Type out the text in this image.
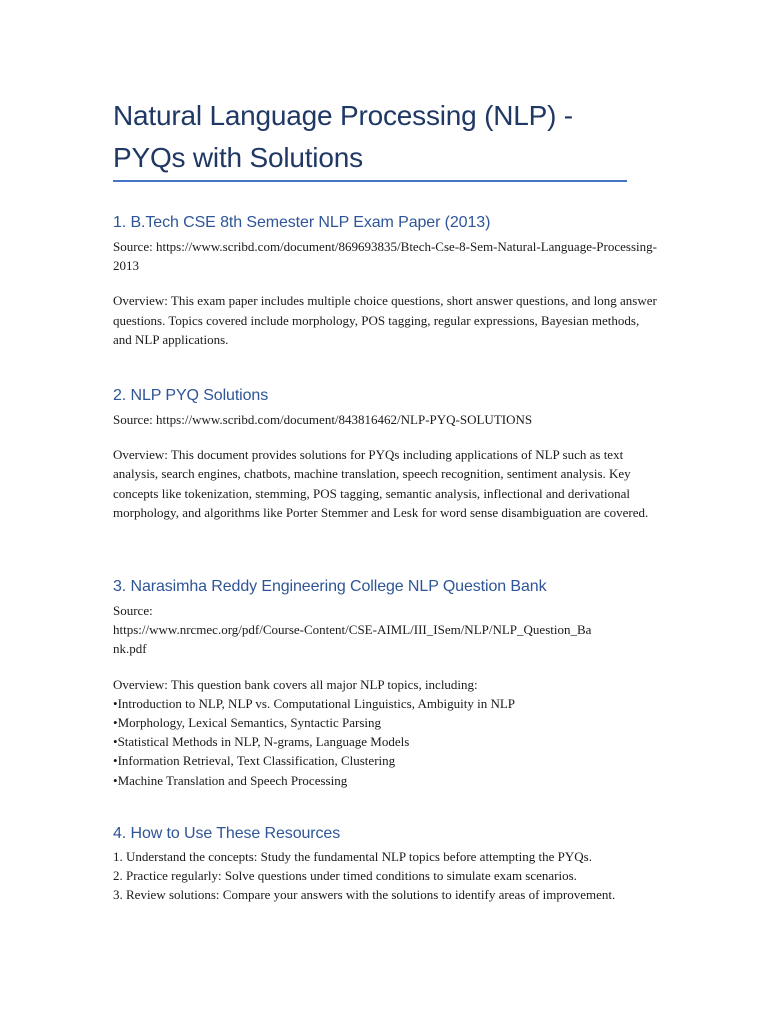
Natural Language Processing (NLP) - PYQs with Solutions
1. B.Tech CSE 8th Semester NLP Exam Paper (2013)

Source: https://www.scribd.com/document/869693835/Btech-Cse-8-Sem-Natural-Language-Processing-2013

Overview: This exam paper includes multiple choice questions, short answer questions, and long answer questions. Topics covered include morphology, POS tagging, regular expressions, Bayesian methods, and NLP applications.

2. NLP PYQ Solutions

Source: https://www.scribd.com/document/843816462/NLP-PYQ-SOLUTIONS

Overview: This document provides solutions for PYQs including applications of NLP such as text analysis, search engines, chatbots, machine translation, speech recognition, sentiment analysis. Key concepts like tokenization, stemming, POS tagging, semantic analysis, inflectional and derivational morphology, and algorithms like Porter Stemmer and Lesk for word sense disambiguation are covered.

3. Narasimha Reddy Engineering College NLP Question Bank

Source:

https://www.nrcmec.org/pdf/Course-Content/CSE-AIML/III_ISem/NLP/NLP_Question_Ba

nk.pdf

Overview: This question bank covers all major NLP topics, including:

• Introduction to NLP, NLP vs. Computational Linguistics, Ambiguity in NLP
• Morphology, Lexical Semantics, Syntactic Parsing
• Statistical Methods in NLP, N-grams, Language Models
• Information Retrieval, Text Classification, Clustering
• Machine Translation and Speech Processing
4. How to Use These Resources

1. Understand the concepts: Study the fundamental NLP topics before attempting the PYQs.

2. Practice regularly: Solve questions under timed conditions to simulate exam scenarios.

3. Review solutions: Compare your answers with the solutions to identify areas of improvement.
